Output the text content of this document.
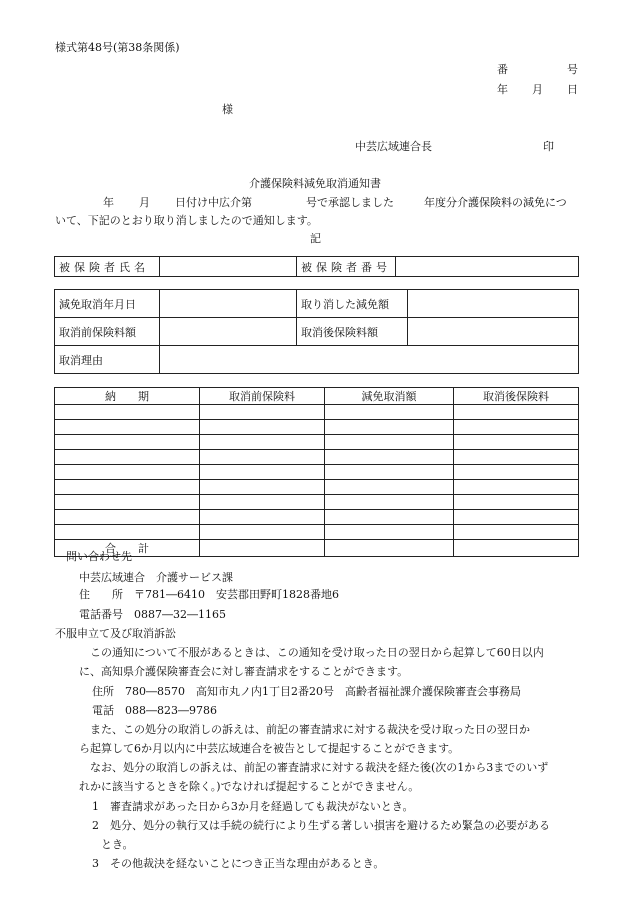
様式第48号(第38条関係)
番	号
年 月 日
様
中芸広域連合長	印
介護保険料減免取消通知書
年 月 日付け中広介第	号で承認しました	年度分介護保険料の減免につ
いて、下記のとおり取り消しましたので通知します。
記
被保険者氏名		被保険者番号	
減免取消年月日		取り消した減免額	
取消前保険料額		取消後保険料額	
取消理由			
納　　期	取消前保険料	減免取消額	取消後保険料

合　　計			
問い合わせ先
中芸広域連合　介護サービス課
住　　所　〒781―6410　安芸郡田野町1828番地6
電話番号　0887―32―1165
不服申立て及び取消訴訟
この通知について不服があるときは、この通知を受け取った日の翌日から起算して60日以内
に、高知県介護保険審査会に対し審査請求をすることができます。
住所　780―8570　高知市丸ノ内1丁目2番20号　高齢者福祉課介護保険審査会事務局
電話　088―823―9786
また、この処分の取消しの訴えは、前記の審査請求に対する裁決を受け取った日の翌日か
ら起算して6か月以内に中芸広域連合を被告として提起することができます。
なお、処分の取消しの訴えは、前記の審査請求に対する裁決を経た後(次の1から3までのいず
れかに該当するときを除く。)でなければ提起することができません。
1　審査請求があった日から3か月を経過しても裁決がないとき。
2　処分、処分の執行又は手続の続行により生ずる著しい損害を避けるため緊急の必要がある
とき。
3　その他裁決を経ないことにつき正当な理由があるとき。
